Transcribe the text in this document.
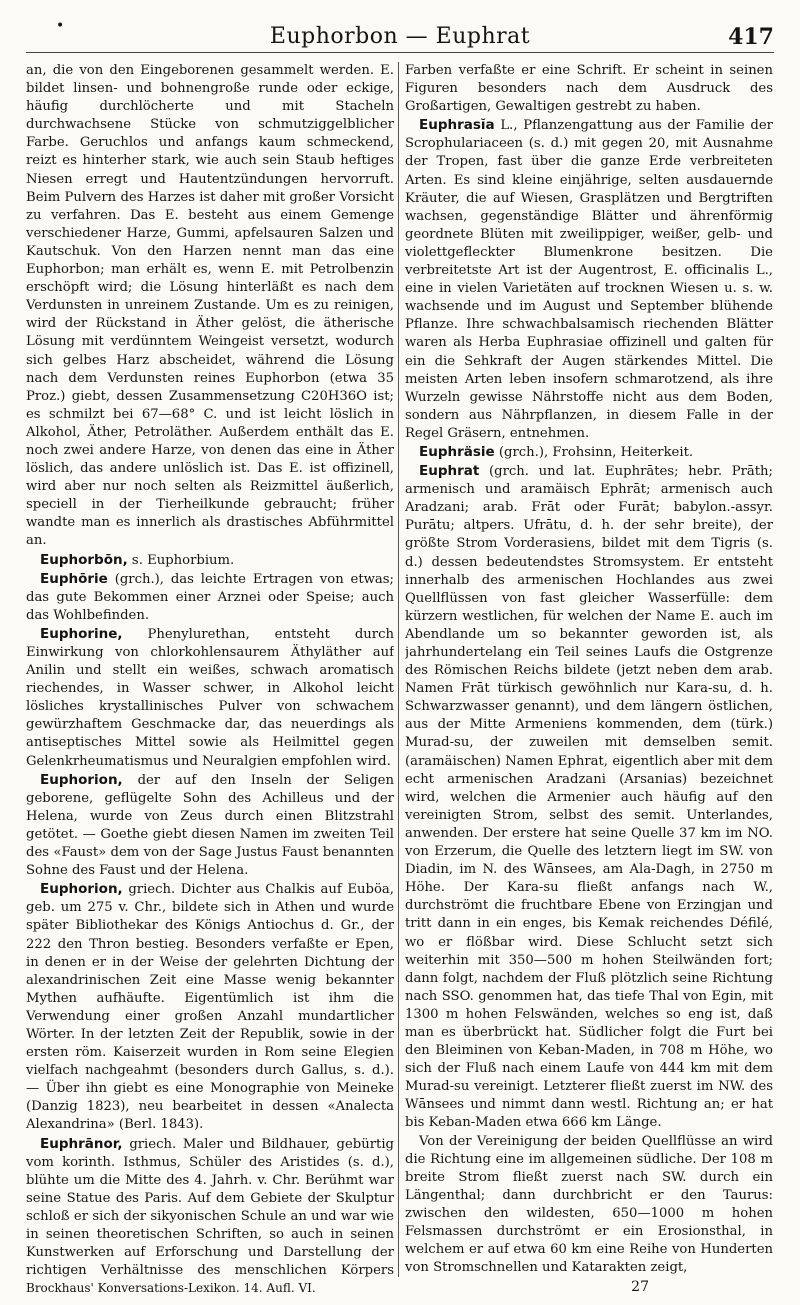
•	Euphorbon — Euphrat	417

an, die von den Eingeborenen gesammelt werden. E. bildet linsen- und bohnengroße runde oder eckige, häufig durchlöcherte und mit Stacheln durchwachsene Stücke von schmutziggelblicher Farbe. Geruchlos und anfangs kaum schmeckend, reizt es hinterher stark, wie auch sein Staub heftiges Niesen erregt und Hautentzündungen hervorruft. Beim Pulvern des Harzes ist daher mit großer Vorsicht zu verfahren. Das E. besteht aus einem Gemenge verschiedener Harze, Gummi, apfelsauren Salzen und Kautschuk. Von den Harzen nennt man das eine Euphorbon; man erhält es, wenn E. mit Petrolbenzin erschöpft wird; die Lösung hinterläßt es nach dem Verdunsten in unreinem Zustande. Um es zu reinigen, wird der Rückstand in Äther gelöst, die ätherische Lösung mit verdünntem Weingeist versetzt, wodurch sich gelbes Harz abscheidet, während die Lösung nach dem Verdunsten reines Euphorbon (etwa 35 Proz.) giebt, dessen Zusammensetzung C20H36O ist; es schmilzt bei 67—68° C. und ist leicht löslich in Alkohol, Äther, Petroläther. Außerdem enthält das E. noch zwei andere Harze, von denen das eine in Äther löslich, das andere unlöslich ist. Das E. ist offizinell, wird aber nur noch selten als Reizmittel äußerlich, speciell in der Tierheilkunde gebraucht; früher wandte man es innerlich als drastisches Abführmittel an.

Euphorbōn, s. Euphorbium.

Euphōrie (grch.), das leichte Ertragen von etwas; das gute Bekommen einer Arznei oder Speise; auch das Wohlbefinden.

Euphorine, Phenylurethan, entsteht durch Einwirkung von chlorkohlensaurem Äthyläther auf Anilin und stellt ein weißes, schwach aromatisch riechendes, in Wasser schwer, in Alkohol leicht lösliches krystallinisches Pulver von schwachem gewürzhaftem Geschmacke dar, das neuerdings als antiseptisches Mittel sowie als Heilmittel gegen Gelenkrheumatismus und Neuralgien empfohlen wird.

Euphorion, der auf den Inseln der Seligen geborene, geflügelte Sohn des Achilleus und der Helena, wurde von Zeus durch einen Blitzstrahl getötet. — Goethe giebt diesen Namen im zweiten Teil des «Faust» dem von der Sage Justus Faust benannten Sohne des Faust und der Helena.

Euphorion, griech. Dichter aus Chalkis auf Euböa, geb. um 275 v. Chr., bildete sich in Athen und wurde später Bibliothekar des Königs Antiochus d. Gr., der 222 den Thron bestieg. Besonders verfaßte er Epen, in denen er in der Weise der gelehrten Dichtung der alexandrinischen Zeit eine Masse wenig bekannter Mythen aufhäufte. Eigentümlich ist ihm die Verwendung einer großen Anzahl mundartlicher Wörter. In der letzten Zeit der Republik, sowie in der ersten röm. Kaiserzeit wurden in Rom seine Elegien vielfach nachgeahmt (besonders durch Gallus, s. d.). — Über ihn giebt es eine Monographie von Meineke (Danzig 1823), neu bearbeitet in dessen «Analecta Alexandrina» (Berl. 1843).

Euphrānor, griech. Maler und Bildhauer, gebürtig vom korinth. Isthmus, Schüler des Aristides (s. d.), blühte um die Mitte des 4. Jahrh. v. Chr. Berühmt war seine Statue des Paris. Auf dem Gebiete der Skulptur schloß er sich der sikyonischen Schule an und war wie in seinen theoretischen Schriften, so auch in seinen Kunstwerken auf Erforschung und Darstellung der richtigen Verhältnisse des menschlichen Körpers

Farben verfaßte er eine Schrift. Er scheint in seinen Figuren besonders nach dem Ausdruck des Großartigen, Gewaltigen gestrebt zu haben.

Euphrasĭa L., Pflanzengattung aus der Familie der Scrophulariaceen (s. d.) mit gegen 20, mit Ausnahme der Tropen, fast über die ganze Erde verbreiteten Arten. Es sind kleine einjährige, selten ausdauernde Kräuter, die auf Wiesen, Grasplätzen und Bergtriften wachsen, gegenständige Blätter und ährenförmig geordnete Blüten mit zweilippiger, weißer, gelb- und violettgefleckter Blumenkrone besitzen. Die verbreitetste Art ist der Augentrost, E. officinalis L., eine in vielen Varietäten auf trocknen Wiesen u. s. w. wachsende und im August und September blühende Pflanze. Ihre schwachbalsamisch riechenden Blätter waren als Herba Euphrasiae offizinell und galten für ein die Sehkraft der Augen stärkendes Mittel. Die meisten Arten leben insofern schmarotzend, als ihre Wurzeln gewisse Nährstoffe nicht aus dem Boden, sondern aus Nährpflanzen, in diesem Falle in der Regel Gräsern, entnehmen.

Euphräsie (grch.), Frohsinn, Heiterkeit.

Euphrat (grch. und lat. Euphrātes; hebr. Prāth; armenisch und aramäisch Ephrāt; armenisch auch Aradzani; arab. Frāt oder Furāt; babylon.-assyr. Purātu; altpers. Ufrātu, d. h. der sehr breite), der größte Strom Vorderasiens, bildet mit dem Tigris (s. d.) dessen bedeutendstes Stromsystem. Er entsteht innerhalb des armenischen Hochlandes aus zwei Quellflüssen von fast gleicher Wasserfülle: dem kürzern westlichen, für welchen der Name E. auch im Abendlande um so bekannter geworden ist, als jahrhundertelang ein Teil seines Laufs die Ostgrenze des Römischen Reichs bildete (jetzt neben dem arab. Namen Frāt türkisch gewöhnlich nur Kara-su, d. h. Schwarzwasser genannt), und dem längern östlichen, aus der Mitte Armeniens kommenden, dem (türk.) Murad-su, der zuweilen mit demselben semit. (aramäischen) Namen Ephrat, eigentlich aber mit dem echt armenischen Aradzani (Arsanias) bezeichnet wird, welchen die Armenier auch häufig auf den vereinigten Strom, selbst des semit. Unterlandes, anwenden. Der erstere hat seine Quelle 37 km im NO. von Erzerum, die Quelle des letztern liegt im SW. von Diadin, im N. des Wānsees, am Ala-Dagh, in 2750 m Höhe. Der Kara-su fließt anfangs nach W., durchströmt die fruchtbare Ebene von Erzingjan und tritt dann in ein enges, bis Kemak reichendes Défilé, wo er flößbar wird. Diese Schlucht setzt sich weiterhin mit 350—500 m hohen Steilwänden fort; dann folgt, nachdem der Fluß plötzlich seine Richtung nach SSO. genommen hat, das tiefe Thal von Egin, mit 1300 m hohen Felswänden, welches so eng ist, daß man es überbrückt hat. Südlicher folgt die Furt bei den Bleiminen von Keban-Maden, in 708 m Höhe, wo sich der Fluß nach einem Laufe von 444 km mit dem Murad-su vereinigt. Letzterer fließt zuerst im NW. des Wānsees und nimmt dann westl. Richtung an; er hat bis Keban-Maden etwa 666 km Länge.

Von der Vereinigung der beiden Quellflüsse an wird die Richtung eine im allgemeinen südliche. Der 108 m breite Strom fließt zuerst nach SW. durch ein Längenthal; dann durchbricht er den Taurus: zwischen den wildesten, 650—1000 m hohen Felsmassen durchströmt er ein Erosionsthal, in welchem er auf etwa 60 km eine Reihe von Hunderten von Stromschnellen und Katarakten zeigt,

Brockhaus' Konversations-Lexikon. 14. Aufl. VI.	27
